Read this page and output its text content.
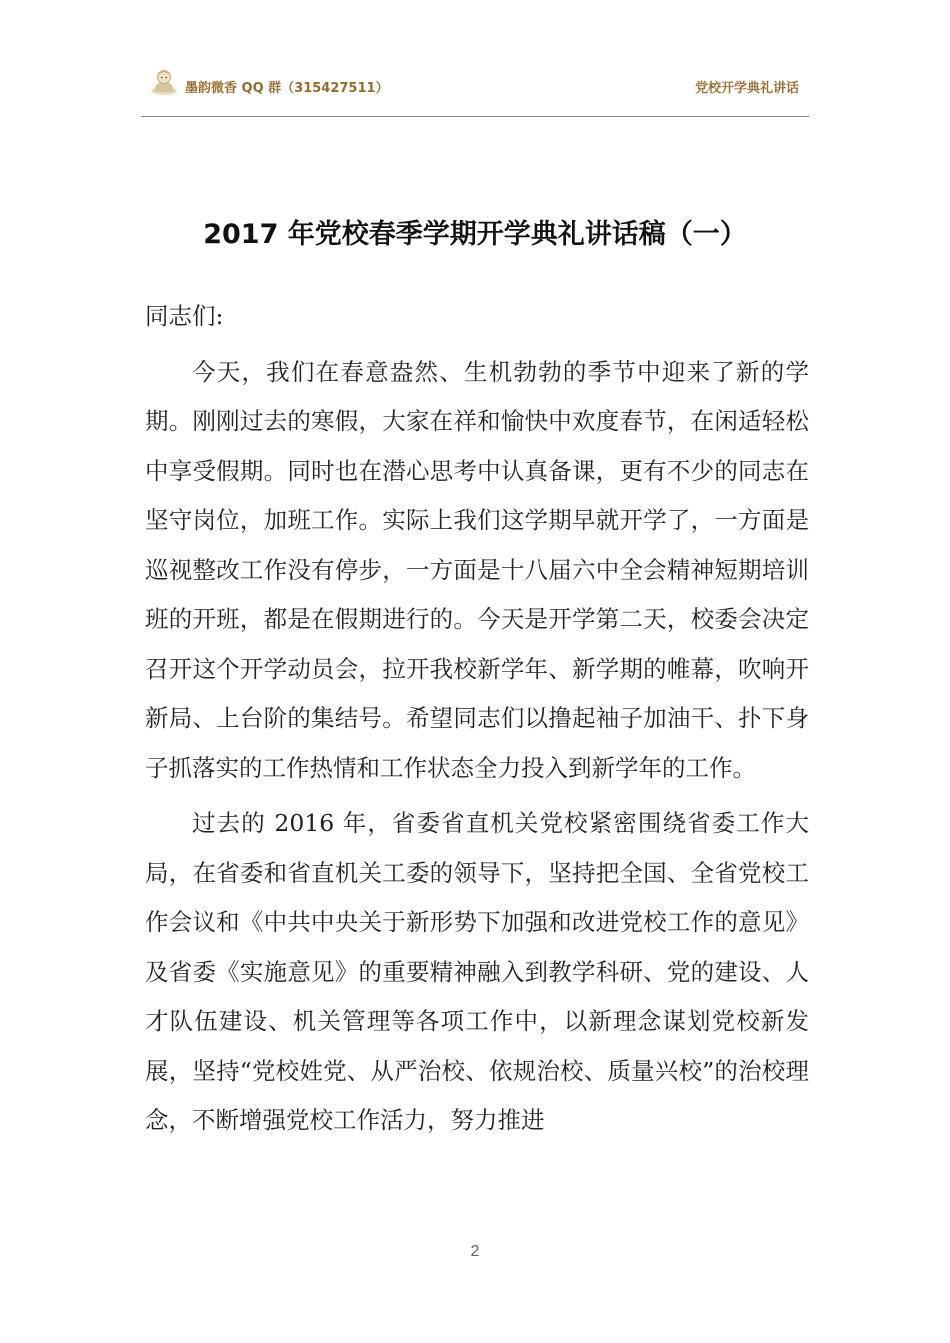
墨韵微香 QQ 群（315427511）	党校开学典礼讲话
2017 年党校春季学期开学典礼讲话稿（一）

同志们:

今天，我们在春意盎然、生机勃勃的季节中迎来了新的学期。刚刚过去的寒假，大家在祥和愉快中欢度春节，在闲适轻松中享受假期。同时也在潜心思考中认真备课，更有不少的同志在坚守岗位，加班工作。实际上我们这学期早就开学了，一方面是巡视整改工作没有停步，一方面是十八届六中全会精神短期培训班的开班，都是在假期进行的。今天是开学第二天，校委会决定召开这个开学动员会，拉开我校新学年、新学期的帷幕，吹响开新局、上台阶的集结号。希望同志们以撸起袖子加油干、扑下身子抓落实的工作热情和工作状态全力投入到新学年的工作。

过去的 2016 年，省委省直机关党校紧密围绕省委工作大局，在省委和省直机关工委的领导下，坚持把全国、全省党校工作会议和《中共中央关于新形势下加强和改进党校工作的意见》及省委《实施意见》的重要精神融入到教学科研、党的建设、人才队伍建设、机关管理等各项工作中，以新理念谋划党校新发展，坚持“党校姓党、从严治校、依规治校、质量兴校”的治校理念，不断增强党校工作活力，努力推进

2
